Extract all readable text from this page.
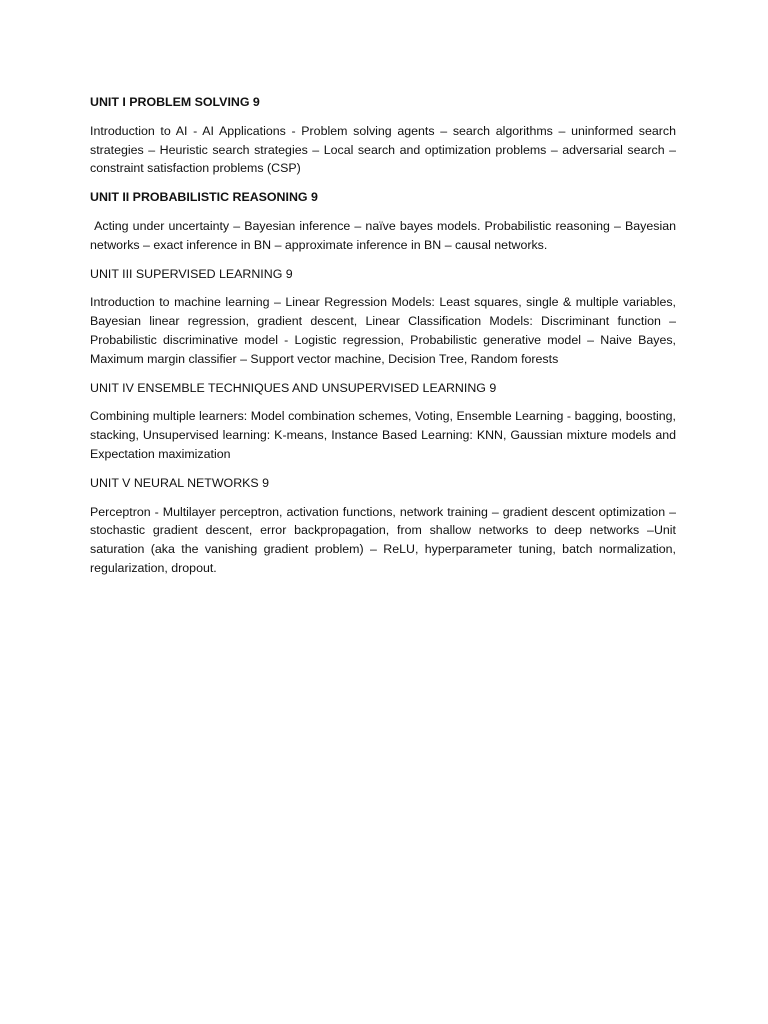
UNIT I PROBLEM SOLVING 9
Introduction to AI - AI Applications - Problem solving agents – search algorithms – uninformed search strategies – Heuristic search strategies – Local search and optimization problems – adversarial search – constraint satisfaction problems (CSP)
UNIT II PROBABILISTIC REASONING 9
Acting under uncertainty – Bayesian inference – naïve bayes models. Probabilistic reasoning – Bayesian networks – exact inference in BN – approximate inference in BN – causal networks.
UNIT III SUPERVISED LEARNING 9
Introduction to machine learning – Linear Regression Models: Least squares, single & multiple variables, Bayesian linear regression, gradient descent, Linear Classification Models: Discriminant function – Probabilistic discriminative model - Logistic regression, Probabilistic generative model – Naive Bayes, Maximum margin classifier – Support vector machine, Decision Tree, Random forests
UNIT IV ENSEMBLE TECHNIQUES AND UNSUPERVISED LEARNING 9
Combining multiple learners: Model combination schemes, Voting, Ensemble Learning - bagging, boosting, stacking, Unsupervised learning: K-means, Instance Based Learning: KNN, Gaussian mixture models and Expectation maximization
UNIT V NEURAL NETWORKS 9
Perceptron - Multilayer perceptron, activation functions, network training – gradient descent optimization – stochastic gradient descent, error backpropagation, from shallow networks to deep networks –Unit saturation (aka the vanishing gradient problem) – ReLU, hyperparameter tuning, batch normalization, regularization, dropout.
